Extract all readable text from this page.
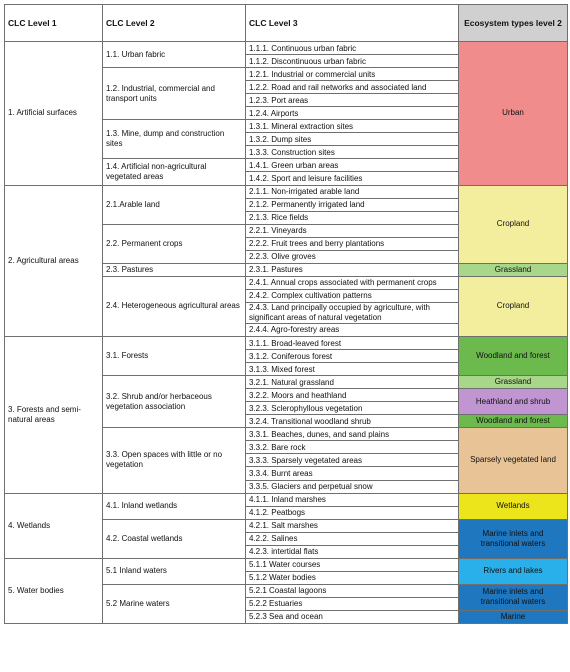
CLC Level 1	CLC Level 2	CLC Level 3	Ecosystem types level 2
1. Artificial surfaces	1.1. Urban fabric	1.1.1. Continuous urban fabric	Urban
		1.1.2. Discontinuous urban fabric	
	1.2. Industrial, commercial and transport units	1.2.1. Industrial or commercial units	
		1.2.2. Road and rail networks and associated land	
		1.2.3. Port areas	
		1.2.4. Airports	
	1.3. Mine, dump and construction sites	1.3.1. Mineral extraction sites	
		1.3.2. Dump sites	
		1.3.3. Construction sites	
	1.4. Artificial non-agricultural vegetated areas	1.4.1. Green urban areas	
		1.4.2. Sport and leisure facilities	
2. Agricultural areas	2.1.Arable land	2.1.1. Non-irrigated arable land	Cropland
		2.1.2. Permanently irrigated land	
		2.1.3. Rice fields	
	2.2. Permanent crops	2.2.1. Vineyards	
		2.2.2. Fruit trees and berry plantations	
		2.2.3. Olive groves	
	2.3. Pastures	2.3.1. Pastures	Grassland
	2.4. Heterogeneous agricultural areas	2.4.1. Annual crops associated with permanent crops	Cropland
		2.4.2. Complex cultivation patterns	
		2.4.3. Land principally occupied by agriculture, with significant areas of natural vegetation	
		2.4.4. Agro-forestry areas	
3. Forests and semi-natural areas	3.1. Forests	3.1.1. Broad-leaved forest	Woodland and forest
		3.1.2. Coniferous forest	
		3.1.3. Mixed forest	
	3.2. Shrub and/or herbaceous vegetation association	3.2.1. Natural grassland	Grassland
		3.2.2. Moors and heathland	Heathland and shrub
		3.2.3. Sclerophyllous vegetation	
		3.2.4. Transitional woodland shrub	Woodland and forest
	3.3. Open spaces with little or no vegetation	3.3.1. Beaches, dunes, and sand plains	Sparsely vegetated land
		3.3.2. Bare rock	
		3.3.3. Sparsely vegetated areas	
		3.3.4. Burnt areas	
		3.3.5. Glaciers and perpetual snow	
4. Wetlands	4.1. Inland wetlands	4.1.1. Inland marshes	Wetlands
		4.1.2. Peatbogs	
	4.2. Coastal wetlands	4.2.1. Salt marshes	Marine inlets and transitional waters
		4.2.2. Salines	
		4.2.3. intertidal flats	
5. Water bodies	5.1 Inland waters	5.1.1 Water courses	Rivers and lakes
		5.1.2 Water bodies	
	5.2 Marine waters	5.2.1 Coastal lagoons	Marine inlets and transitional waters
		5.2.2 Estuaries	
		5.2.3 Sea and ocean	Marine
